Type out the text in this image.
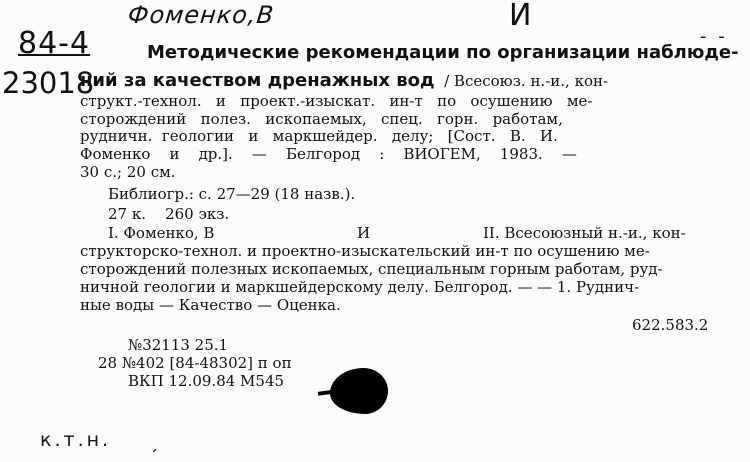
Фоменко,В	И
- -
84-4
23018
Методические рекомендации по организации наблюде-
ний за качеством дренажных вод  / Всесоюз. н.-и., кон-
структ.-технол.   и   проект.-изыскат.   ин-т   по   осушению   ме-
сторождений   полез.   ископаемых,   спец.   горн.   работам,
рудничн.  геологии   и   маркшейдер.   делу;   [Сост.   В.   И.
Фоменко    и    др.].    —    Белгород    :    ВИОГЕМ,    1983.    —
30 с.; 20 см.
Библиогр.: с. 27—29 (18 назв.).
27 к.    260 экз.
I. Фоменко, В	И	II. Всесоюзный н.-и., кон-
структорско-технол. и проектно-изыскательский ин-т по осушению ме-
сторождений полезных ископаемых, специальным горным работам, руд-
ничной геологии и маркшейдерскому делу. Белгород. — — 1. Руднич-
ные воды — Качество — Оценка.
622.583.2
№32113 25.1
28 №402 [84-48302] п оп
ВКП 12.09.84 М545
к.т.н. ˏ
